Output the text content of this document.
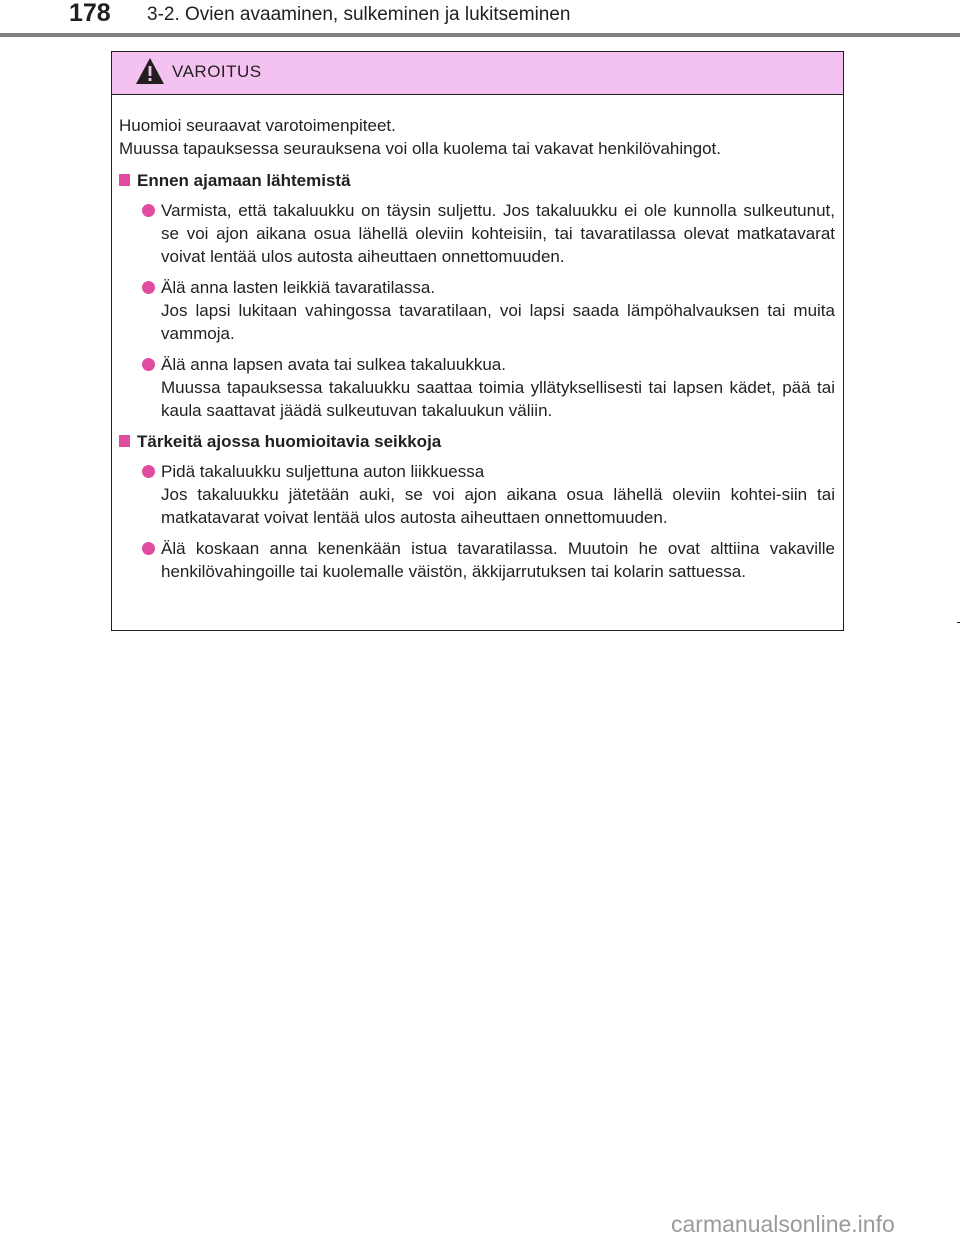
178 3-2. Ovien avaaminen, sulkeminen ja lukitseminen
VAROITUS
Huomioi seuraavat varotoimenpiteet.
Muussa tapauksessa seurauksena voi olla kuolema tai vakavat henkilövahingot.
Ennen ajamaan lähtemistä
Varmista, että takaluukku on täysin suljettu. Jos takaluukku ei ole kunnolla sulkeutunut, se voi ajon aikana osua lähellä oleviin kohteisiin, tai tavaratilassa olevat matkatavarat voivat lentää ulos autosta aiheuttaen onnettomuuden.
Älä anna lasten leikkiä tavaratilassa.
Jos lapsi lukitaan vahingossa tavaratilaan, voi lapsi saada lämpöhalvauksen tai muita vammoja.
Älä anna lapsen avata tai sulkea takaluukkua.
Muussa tapauksessa takaluukku saattaa toimia yllätyksellisesti tai lapsen kädet, pää tai kaula saattavat jäädä sulkeutuvan takaluukun väliin.
Tärkeitä ajossa huomioitavia seikkoja
Pidä takaluukku suljettuna auton liikkuessa
Jos takaluukku jätetään auki, se voi ajon aikana osua lähellä oleviin kohtei-siin tai matkatavarat voivat lentää ulos autosta aiheuttaen onnettomuuden.
Älä koskaan anna kenenkään istua tavaratilassa. Muutoin he ovat alttiina vakaville henkilövahingoille tai kuolemalle väistön, äkkijarrutuksen tai kolarin sattuessa.
carmanualsonline.info
